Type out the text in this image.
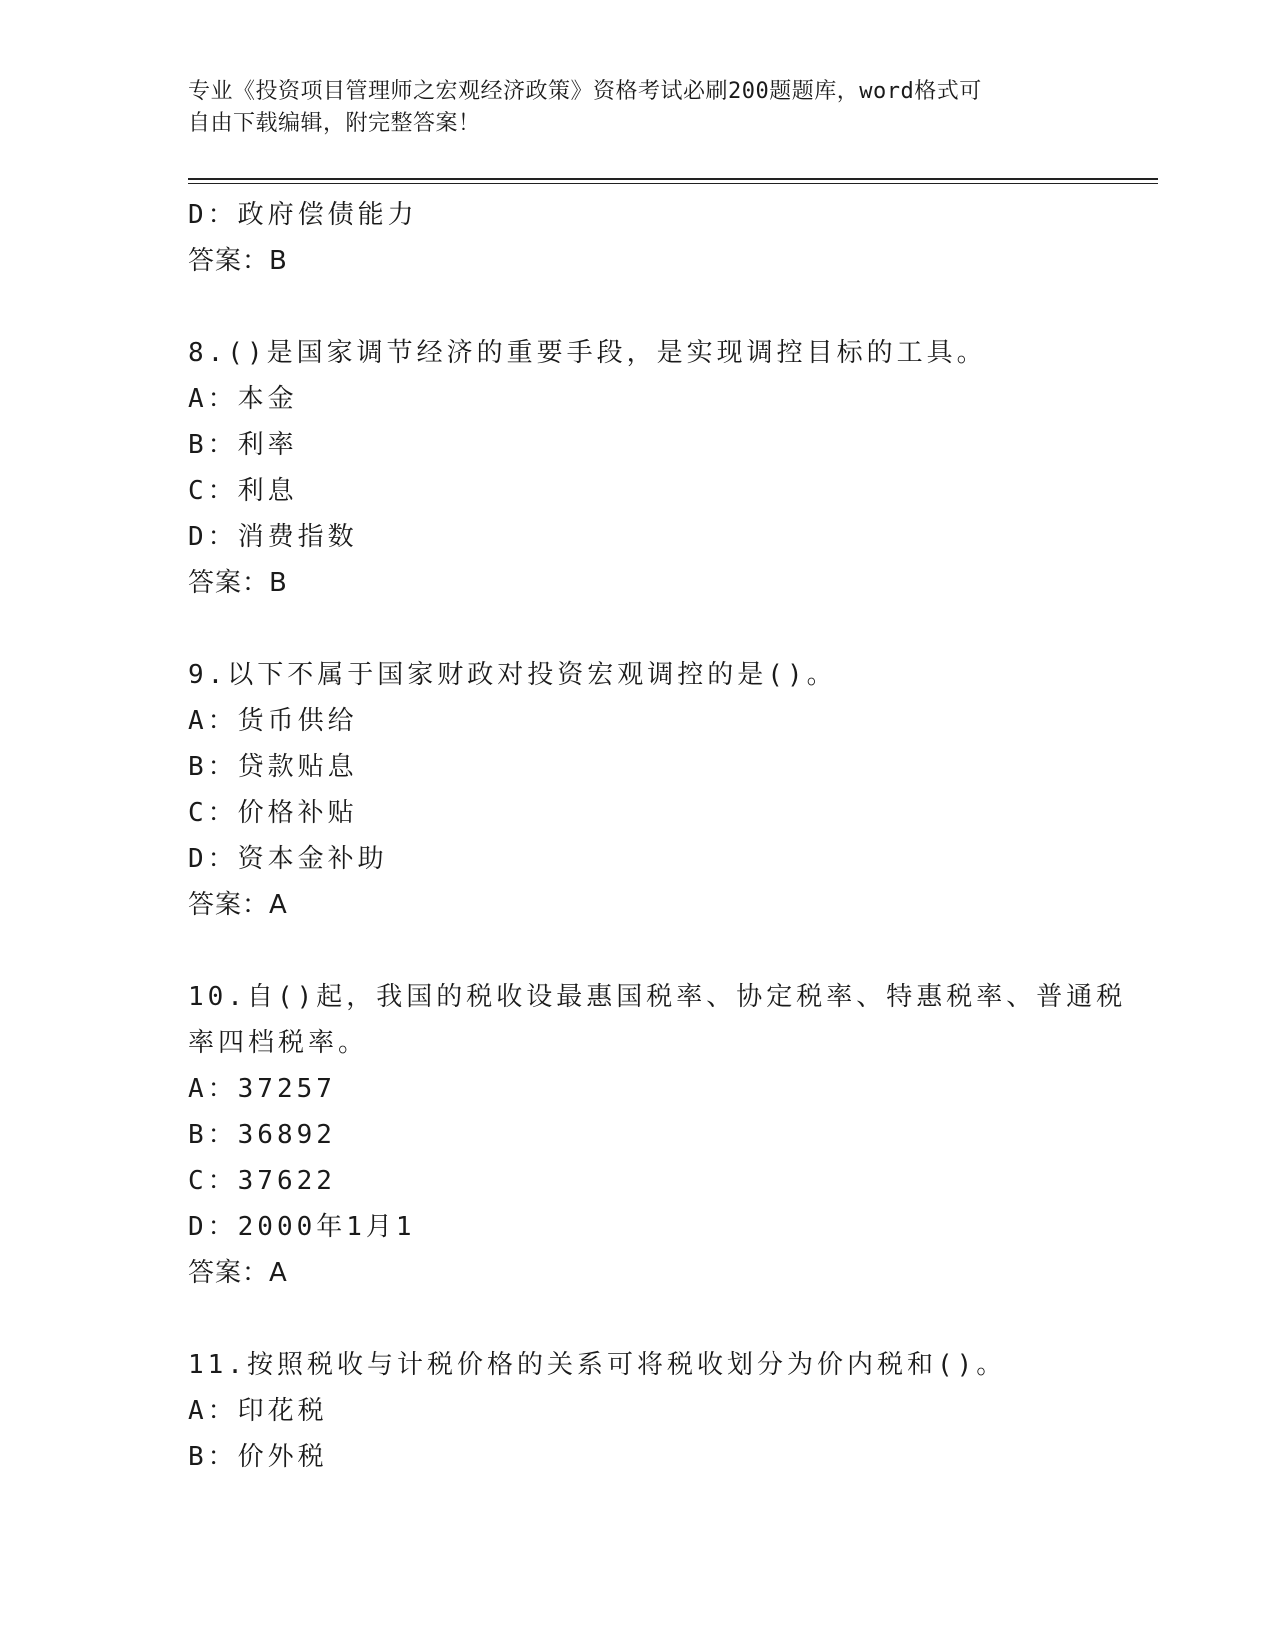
专业《投资项目管理师之宏观经济政策》资格考试必刷200题题库，word格式可
自由下载编辑，附完整答案！
D：政府偿债能力
答案：B
8.()是国家调节经济的重要手段，是实现调控目标的工具。
A：本金
B：利率
C：利息
D：消费指数
答案：B
9.以下不属于国家财政对投资宏观调控的是()。
A：货币供给
B：贷款贴息
C：价格补贴
D：资本金补助
答案：A
10.自()起，我国的税收设最惠国税率、协定税率、特惠税率、普通税
率四档税率。
A：37257
B：36892
C：37622
D：2000年1月1
答案：A
11.按照税收与计税价格的关系可将税收划分为价内税和()。
A：印花税
B：价外税
